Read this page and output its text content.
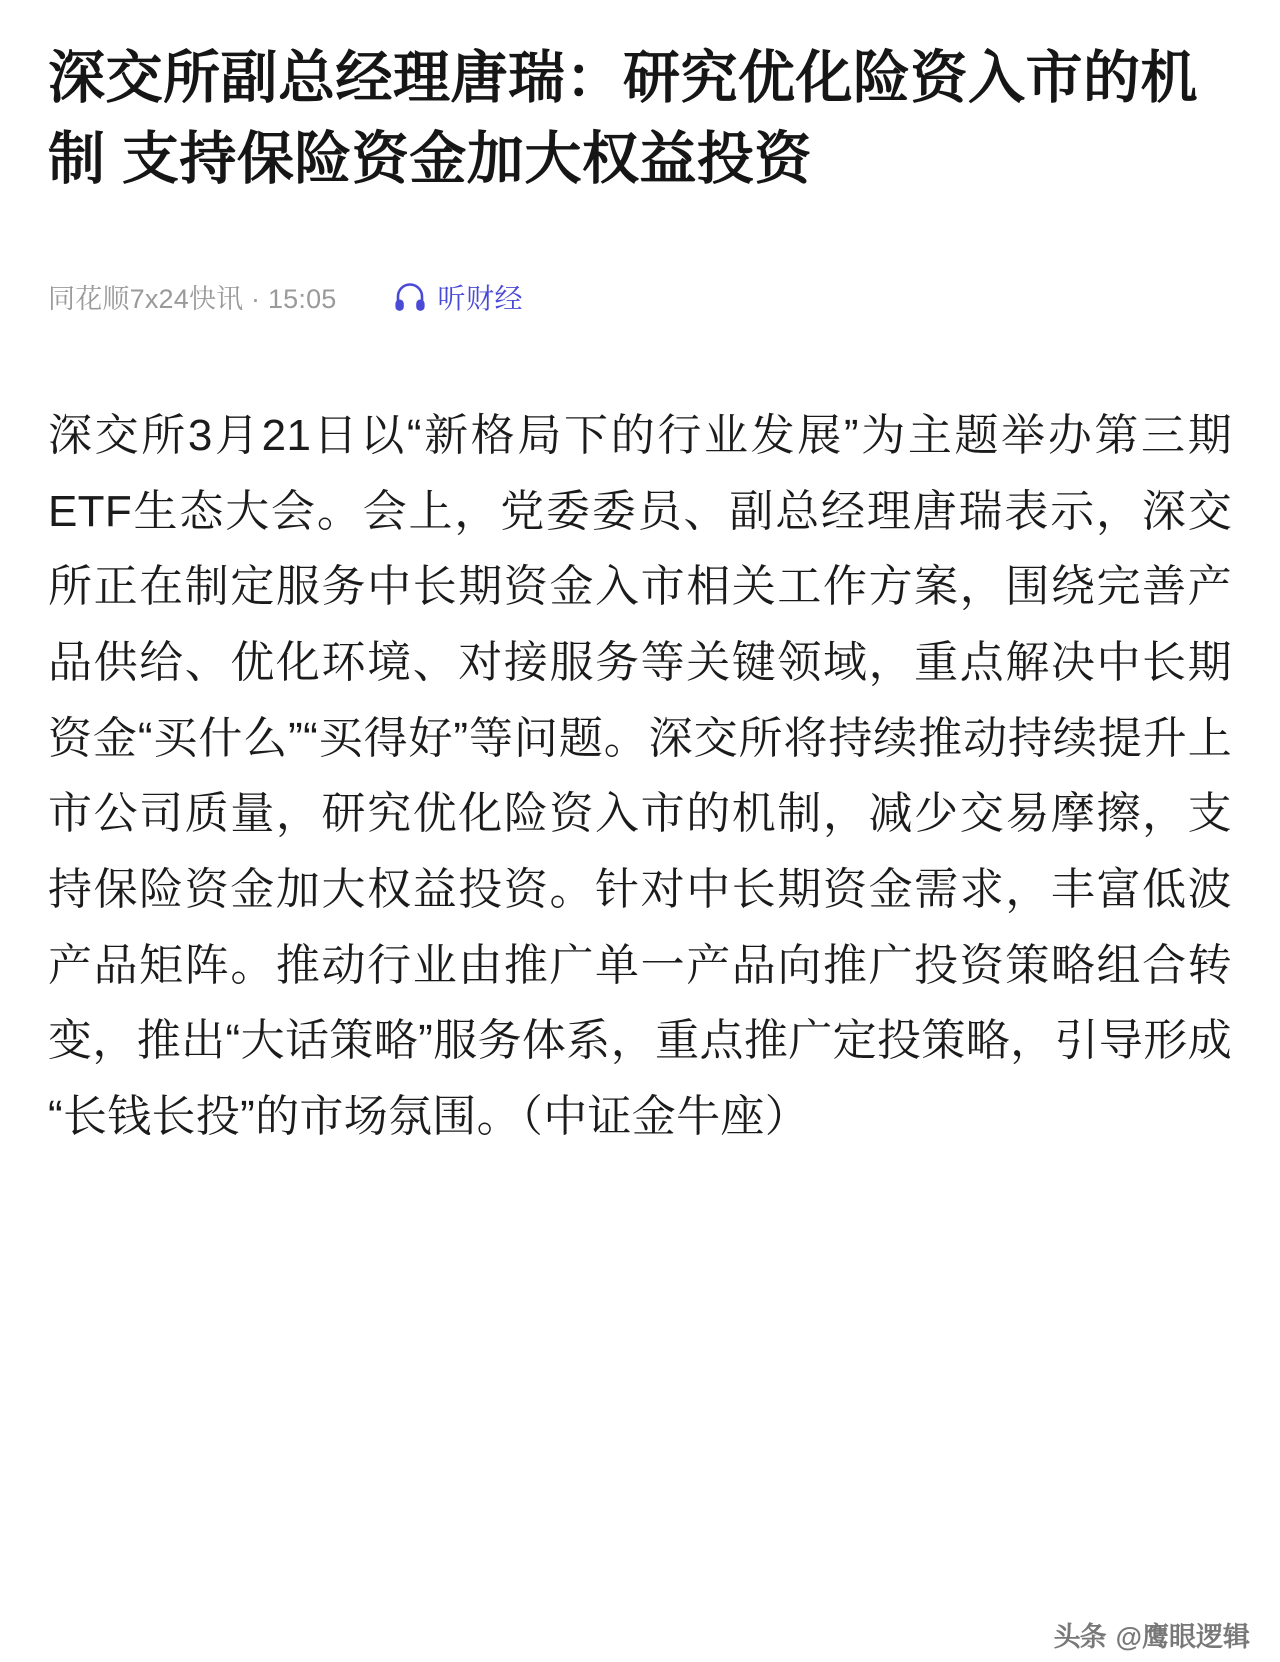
深交所副总经理唐瑞：研究优化险资入市的机制 支持保险资金加大权益投资
同花顺7x24快讯 · 15:05	听财经
深交所3月21日以“新格局下的行业发展”为主题举办第三期ETF生态大会。会上，党委委员、副总经理唐瑞表示，深交所正在制定服务中长期资金入市相关工作方案，围绕完善产品供给、优化环境、对接服务等关键领域，重点解决中长期资金“买什么”“买得好”等问题。深交所将持续推动持续提升上市公司质量，研究优化险资入市的机制，减少交易摩擦，支持保险资金加大权益投资。针对中长期资金需求，丰富低波产品矩阵。推动行业由推广单一产品向推广投资策略组合转变，推出“大话策略”服务体系，重点推广定投策略，引导形成“长钱长投”的市场氛围。（中证金牛座）
头条 @鹰眼逻辑
